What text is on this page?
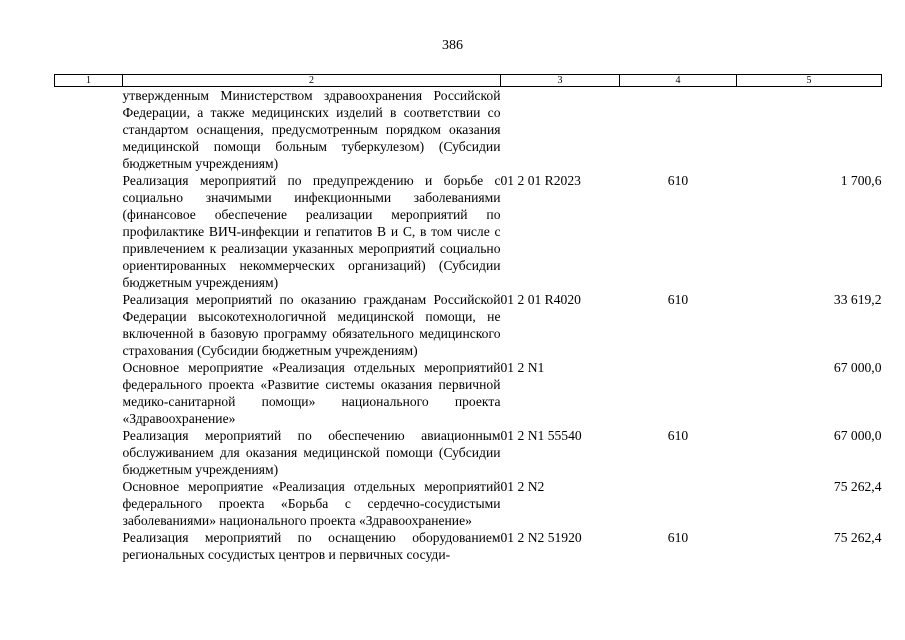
386
1	2	3	4	5
	утвержденным Министерством здравоохранения Российской Федерации, а также медицинских изделий в соответствии со стандартом оснащения, предусмотренным порядком оказания медицинской помощи больным туберкулезом) (Субсидии бюджетным учреждениям)			
	Реализация мероприятий по предупреждению и борьбе с социально значимыми инфекционными заболеваниями (финансовое обеспечение реализации мероприятий по профилактике ВИЧ-инфекции и гепатитов B и C, в том числе с привлечением к реализации указанных мероприятий социально ориентированных некоммерческих организаций) (Субсидии бюджетным учреждениям)	01 2 01 R2023	610	1 700,6
	Реализация мероприятий по оказанию гражданам Российской Федерации высокотехнологичной медицинской помощи, не включенной в базовую программу обязательного медицинского страхования (Субсидии бюджетным учреждениям)	01 2 01 R4020	610	33 619,2
	Основное мероприятие «Реализация отдельных мероприятий федерального проекта «Развитие системы оказания первичной медико-санитарной помощи» национального проекта «Здравоохранение»	01 2 N1		67 000,0
	Реализация мероприятий по обеспечению авиационным обслуживанием для оказания медицинской помощи (Субсидии бюджетным учреждениям)	01 2 N1 55540	610	67 000,0
	Основное мероприятие «Реализация отдельных мероприятий федерального проекта «Борьба с сердечно-сосудистыми заболеваниями» национального проекта «Здравоохранение»	01 2 N2		75 262,4
	Реализация мероприятий по оснащению оборудованием региональных сосудистых центров и первичных сосуди-	01 2 N2 51920	610	75 262,4
